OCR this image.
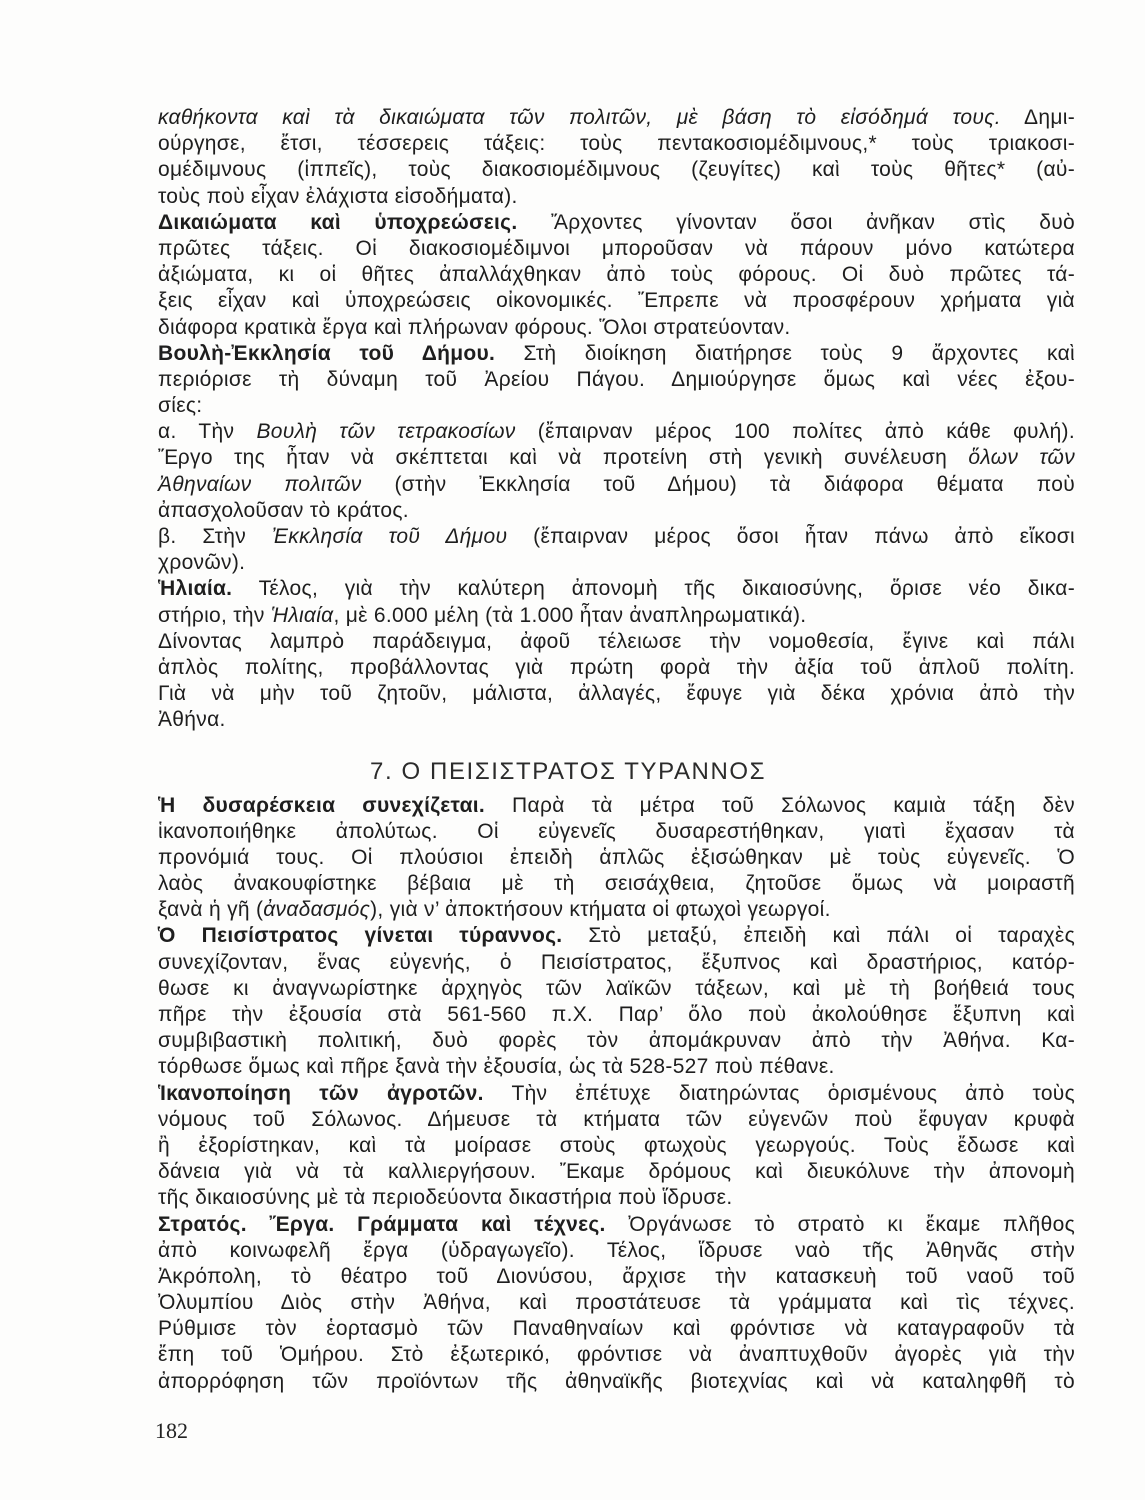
καθήκοντα καὶ τὰ δικαιώματα τῶν πολιτῶν, μὲ βάση τὸ εἰσόδημά τους. Δημι-
ούργησε, ἔτσι, τέσσερεις τάξεις: τοὺς πεντακοσιομέδιμνους,* τοὺς τριακοσι-
ομέδιμνους (ἱππεῖς), τοὺς διακοσιομέδιμνους (ζευγίτες) καὶ τοὺς θῆτες* (αὐ-
τοὺς ποὺ εἶχαν ἐλάχιστα εἰσοδήματα).
Δικαιώματα καὶ ὑποχρεώσεις. Ἄρχοντες γίνονταν ὅσοι ἀνῆκαν στὶς δυὸ
πρῶτες τάξεις. Οἱ διακοσιομέδιμνοι μποροῦσαν νὰ πάρουν μόνο κατώτερα
ἀξιώματα, κι οἱ θῆτες ἀπαλλάχθηκαν ἀπὸ τοὺς φόρους. Οἱ δυὸ πρῶτες τά-
ξεις εἶχαν καὶ ὑποχρεώσεις οἰκονομικές. Ἔπρεπε νὰ προσφέρουν χρήματα γιὰ
διάφορα κρατικὰ ἔργα καὶ πλήρωναν φόρους. Ὅλοι στρατεύονταν.
Βουλὴ-Ἐκκλησία τοῦ Δήμου. Στὴ διοίκηση διατήρησε τοὺς 9 ἄρχοντες καὶ
περιόρισε τὴ δύναμη τοῦ Ἀρείου Πάγου. Δημιούργησε ὅμως καὶ νέες ἐξου-
σίες:
α. Τὴν Βουλὴ τῶν τετρακοσίων (ἔπαιρναν μέρος 100 πολίτες ἀπὸ κάθε φυλή).
Ἔργο της ἦταν νὰ σκέπτεται καὶ νὰ προτείνη στὴ γενικὴ συνέλευση ὅλων τῶν
Ἀθηναίων πολιτῶν (στὴν Ἐκκλησία τοῦ Δήμου) τὰ διάφορα θέματα ποὺ
ἀπασχολοῦσαν τὸ κράτος.
β. Στὴν Ἐκκλησία τοῦ Δήμου (ἔπαιρναν μέρος ὅσοι ἦταν πάνω ἀπὸ εἴκοσι
χρονῶν).
Ἡλιαία. Τέλος, γιὰ τὴν καλύτερη ἀπονομὴ τῆς δικαιοσύνης, ὅρισε νέο δικα-
στήριο, τὴν Ἡλιαία, μὲ 6.000 μέλη (τὰ 1.000 ἦταν ἀναπληρωματικά).
Δίνοντας λαμπρὸ παράδειγμα, ἀφοῦ τέλειωσε τὴν νομοθεσία, ἔγινε καὶ πάλι
ἁπλὸς πολίτης, προβάλλοντας γιὰ πρώτη φορὰ τὴν ἀξία τοῦ ἁπλοῦ πολίτη.
Γιὰ νὰ μὴν τοῦ ζητοῦν, μάλιστα, ἀλλαγές, ἔφυγε γιὰ δέκα χρόνια ἀπὸ τὴν
Ἀθήνα.
7. Ο ΠΕΙΣΙΣΤΡΑΤΟΣ ΤΥΡΑΝΝΟΣ
Ἡ δυσαρέσκεια συνεχίζεται. Παρὰ τὰ μέτρα τοῦ Σόλωνος καμιὰ τάξη δὲν
ἱκανοποιήθηκε ἀπολύτως. Οἱ εὐγενεῖς δυσαρεστήθηκαν, γιατὶ ἔχασαν τὰ
προνόμιά τους. Οἱ πλούσιοι ἐπειδὴ ἁπλῶς ἐξισώθηκαν μὲ τοὺς εὐγενεῖς. Ὁ
λαὸς ἀνακουφίστηκε βέβαια μὲ τὴ σεισάχθεια, ζητοῦσε ὅμως νὰ μοιραστῆ
ξανὰ ἡ γῆ (ἀναδασμός), γιὰ ν’ ἀποκτήσουν κτήματα οἱ φτωχοὶ γεωργοί.
Ὁ Πεισίστρατος γίνεται τύραννος. Στὸ μεταξύ, ἐπειδὴ καὶ πάλι οἱ ταραχὲς
συνεχίζονταν, ἕνας εὐγενής, ὁ Πεισίστρατος, ἔξυπνος καὶ δραστήριος, κατόρ-
θωσε κι ἀναγνωρίστηκε ἀρχηγὸς τῶν λαϊκῶν τάξεων, καὶ μὲ τὴ βοήθειά τους
πῆρε τὴν ἐξουσία στὰ 561-560 π.Χ. Παρ’ ὅλο ποὺ ἀκολούθησε ἔξυπνη καὶ
συμβιβαστικὴ πολιτική, δυὸ φορὲς τὸν ἀπομάκρυναν ἀπὸ τὴν Ἀθήνα. Κα-
τόρθωσε ὅμως καὶ πῆρε ξανὰ τὴν ἐξουσία, ὡς τὰ 528-527 ποὺ πέθανε.
Ἱκανοποίηση τῶν ἀγροτῶν. Τὴν ἐπέτυχε διατηρώντας ὁρισμένους ἀπὸ τοὺς
νόμους τοῦ Σόλωνος. Δήμευσε τὰ κτήματα τῶν εὐγενῶν ποὺ ἔφυγαν κρυφὰ
ἢ ἐξορίστηκαν, καὶ τὰ μοίρασε στοὺς φτωχοὺς γεωργούς. Τοὺς ἔδωσε καὶ
δάνεια γιὰ νὰ τὰ καλλιεργήσουν. Ἔκαμε δρόμους καὶ διευκόλυνε τὴν ἀπονομὴ
τῆς δικαιοσύνης μὲ τὰ περιοδεύοντα δικαστήρια ποὺ ἵδρυσε.
Στρατός. Ἔργα. Γράμματα καὶ τέχνες. Ὀργάνωσε τὸ στρατὸ κι ἔκαμε πλῆθος
ἀπὸ κοινωφελῆ ἔργα (ὑδραγωγεῖο). Τέλος, ἵδρυσε ναὸ τῆς Ἀθηνᾶς στὴν
Ἀκρόπολη, τὸ θέατρο τοῦ Διονύσου, ἄρχισε τὴν κατασκευὴ τοῦ ναοῦ τοῦ
Ὀλυμπίου Διὸς στὴν Ἀθήνα, καὶ προστάτευσε τὰ γράμματα καὶ τὶς τέχνες.
Ρύθμισε τὸν ἑορτασμὸ τῶν Παναθηναίων καὶ φρόντισε νὰ καταγραφοῦν τὰ
ἔπη τοῦ Ὁμήρου. Στὸ ἐξωτερικό, φρόντισε νὰ ἀναπτυχθοῦν ἀγορὲς γιὰ τὴν
ἀπορρόφηση τῶν προϊόντων τῆς ἀθηναϊκῆς βιοτεχνίας καὶ νὰ καταληφθῆ τὸ
182
